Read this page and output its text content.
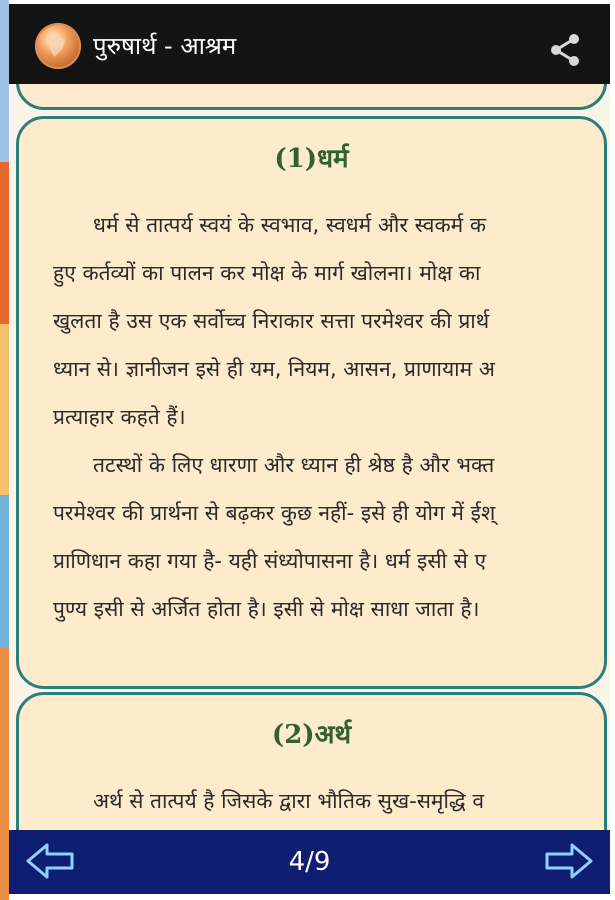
पुरुषार्थ - आश्रम
(1)धर्म
धर्म से तात्पर्य स्वयं के स्वभाव, स्वधर्म और स्वकर्म क
हुए कर्तव्यों का पालन कर मोक्ष के मार्ग खोलना। मोक्ष का
खुलता है उस एक सर्वोच्च निराकार सत्ता परमेश्वर की प्रार्थ
ध्यान से। ज्ञानीजन इसे ही यम, नियम, आसन, प्राणायाम अ
प्रत्याहार कहते हैं।
तटस्थों के लिए धारणा और ध्यान ही श्रेष्ठ है और भक्त
परमेश्वर की प्रार्थना से बढ़कर कुछ नहीं- इसे ही योग में ईश्
प्राणिधान कहा गया है- यही संध्योपासना है। धर्म इसी से ए
पुण्य इसी से अर्जित होता है। इसी से मोक्ष साधा जाता है।
(2)अर्थ
अर्थ से तात्पर्य है जिसके द्वारा भौतिक सुख-समृद्धि व
4/9
